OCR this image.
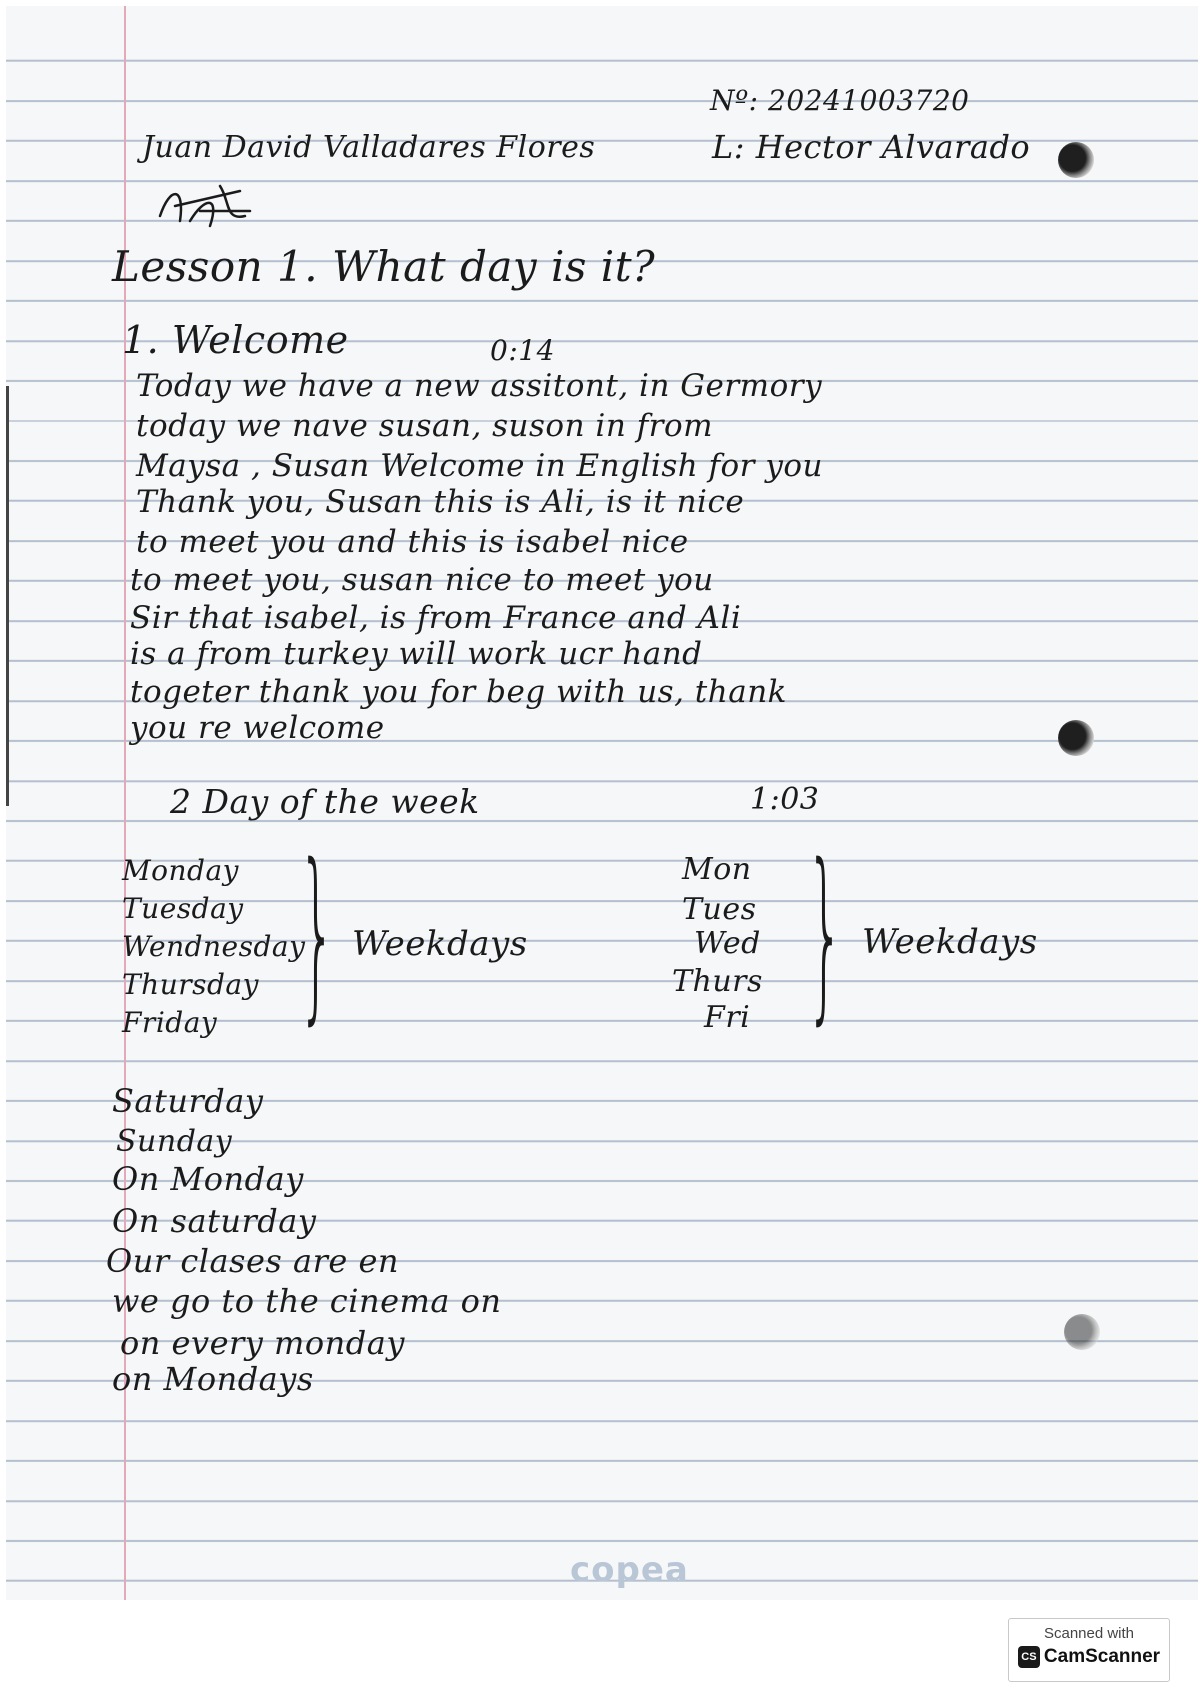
Nº: 20241003720
Juan David Valladares Flores	L: Hector Alvarado
Lesson 1. What day is it?
1. Welcome	0:14
Today we have a new assitont, in Germory
today we nave susan, suson in from
Maysa , Susan Welcome in English for you
Thank you, Susan this is Ali, is it nice
to meet you and this is isabel nice
to meet you, susan nice to meet you
Sir that isabel, is from France and Ali
is a from turkey will work ucr hand
togeter thank you for beg with us, thank
you re welcome
2 Day of the week	1:03
Monday
Tuesday
Wendnesday
Thursday
Friday } Weekdays
Mon
Tues
Wed
Thurs
Fri } Weekdays
Saturday
Sunday
On Monday
On saturday
Our clases are en
we go to the cinema on
on every monday
on Mondays
copea
Scanned with
CS CamScanner
